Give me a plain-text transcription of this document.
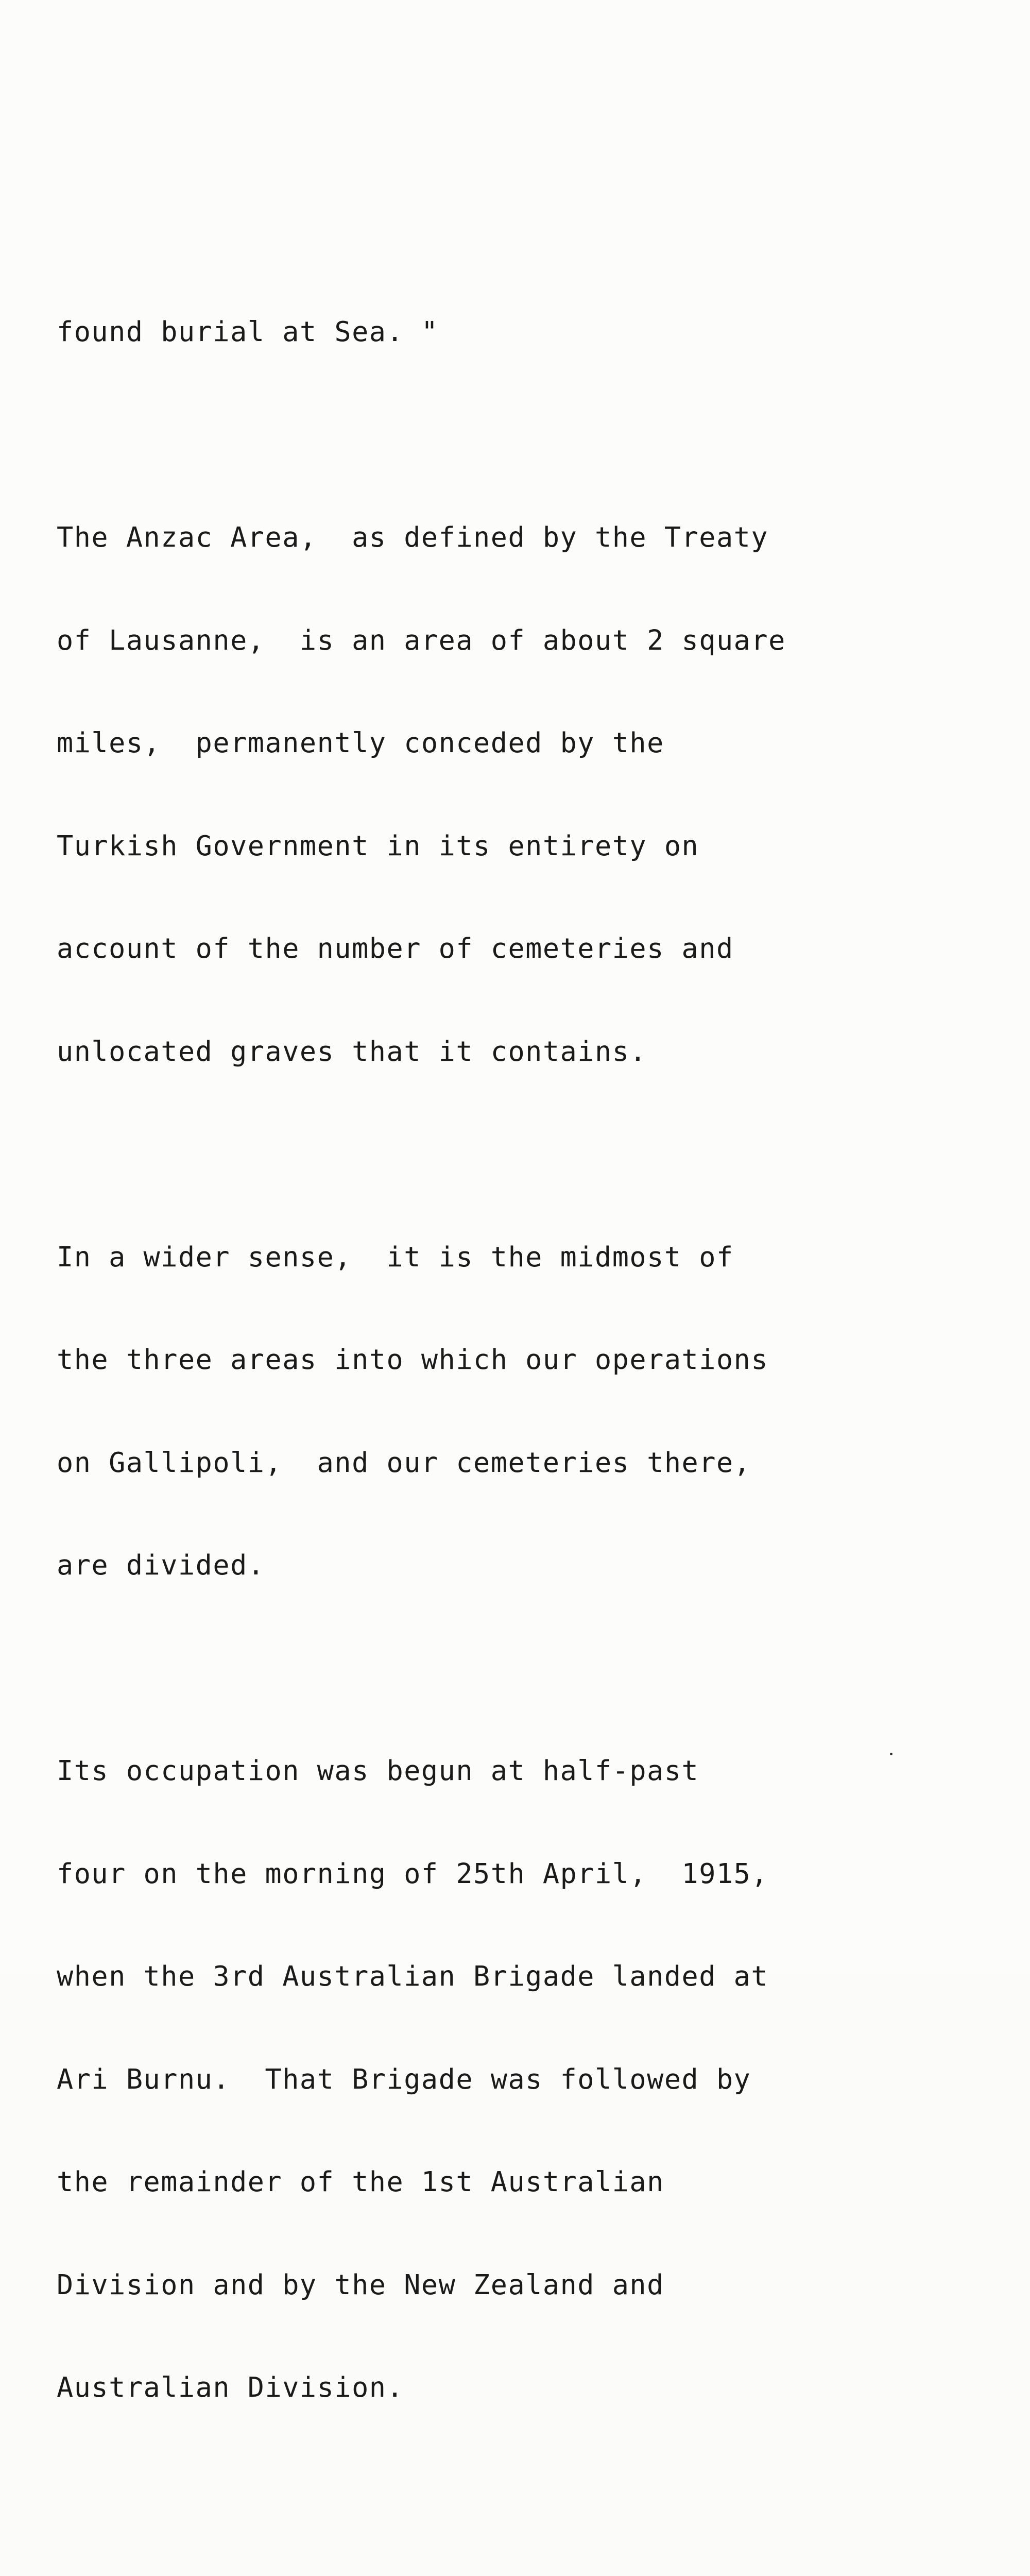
found burial at Sea. "

The Anzac Area,  as defined by the Treaty

of Lausanne,  is an area of about 2 square

miles,  permanently conceded by the

Turkish Government in its entirety on

account of the number of cemeteries and

unlocated graves that it contains.

In a wider sense,  it is the midmost of

the three areas into which our operations

on Gallipoli,  and our cemeteries there,

are divided.

Its occupation was begun at half-past

four on the morning of 25th April,  1915,

when the 3rd Australian Brigade landed at

Ari Burnu.  That Brigade was followed by

the remainder of the 1st Australian

Division and by the New Zealand and

Australian Division.
